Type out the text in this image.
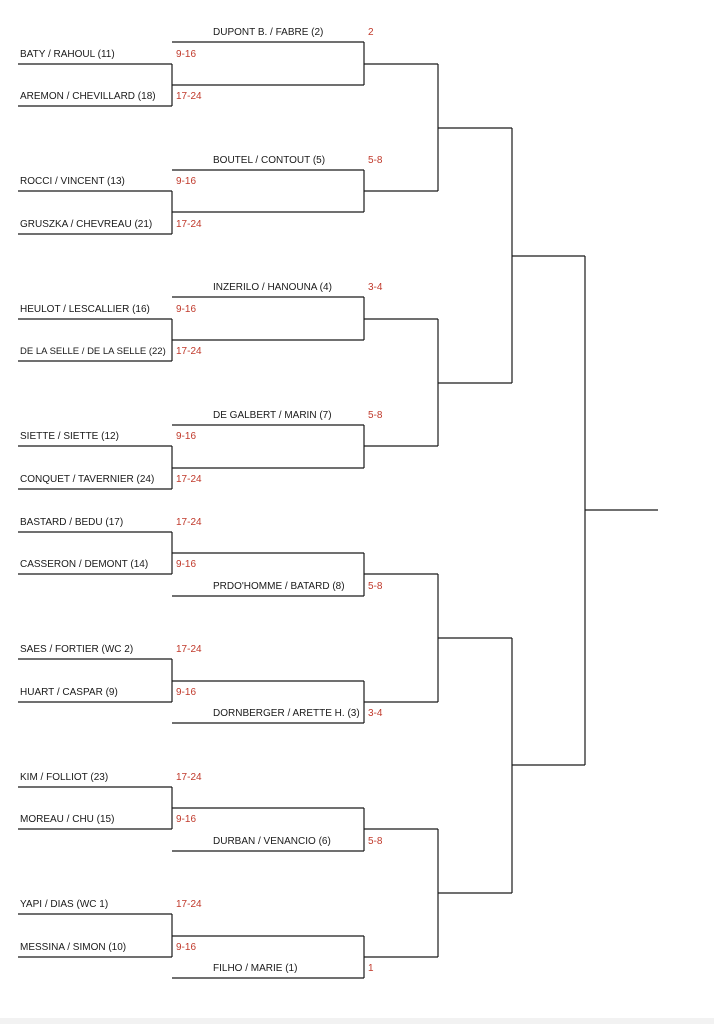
BATY / RAHOUL (11)	9-16
AREMON / CHEVILLARD (18) 17-24
ROCCI / VINCENT (13)	9-16
GRUSZKA / CHEVREAU (21) 17-24
HEULOT / LESCALLIER (16)	9-16
DE LA SELLE / DE LA SELLE (22) 17-24
SIETTE / SIETTE (12)	9-16
CONQUET / TAVERNIER (24) 17-24
BASTARD / BEDU (17)	17-24
CASSERON / DEMONT (14)	9-16
SAES / FORTIER (WC 2)	17-24
HUART / CASPAR (9)	9-16
KIM / FOLLIOT (23)	17-24
MOREAU / CHU (15)	9-16
YAPI / DIAS (WC 1)	17-24
MESSINA / SIMON (10)	9-16
DUPONT B. / FABRE (2)	2
BOUTEL / CONTOUT (5)	5-8
INZERILO / HANOUNA (4)	3-4
DE GALBERT / MARIN (7)	5-8
PRDO'HOMME / BATARD (8) 5-8
DORNBERGER / ARETTE H. (3) 3-4
DURBAN / VENANCIO (6)	5-8
FILHO / MARIE (1)	1
